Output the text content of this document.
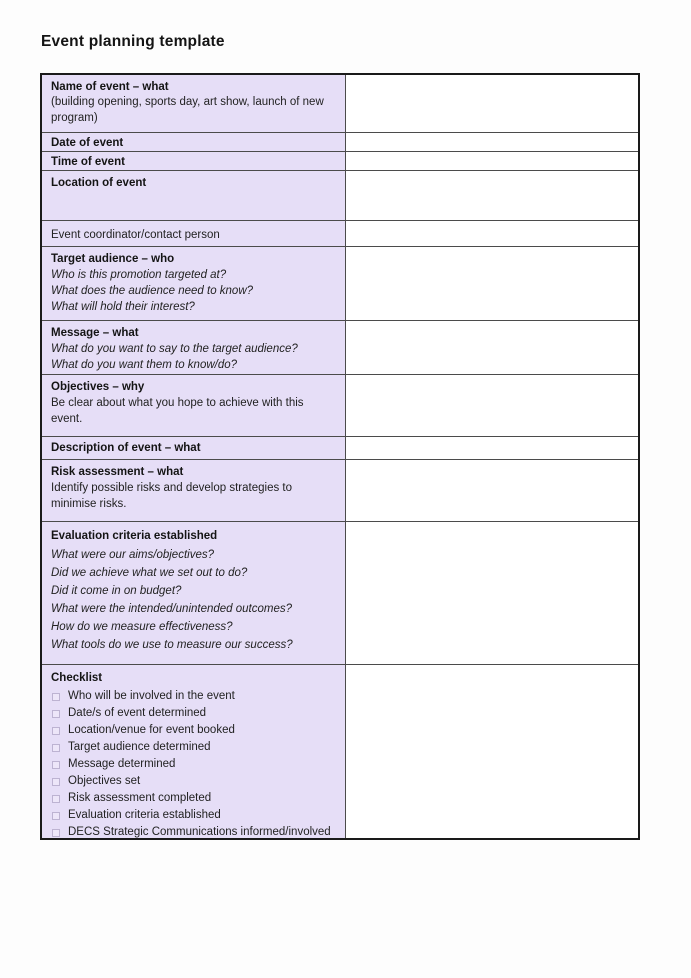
Event planning template
Name of event – what
(building opening, sports day, art show, launch of new program)
Date of event
Time of event
Location of event
Event coordinator/contact person
Target audience – who
Who is this promotion targeted at?
What does the audience need to know?
What will hold their interest?
Message – what
What do you want to say to the target audience?
What do you want them to know/do?
Objectives – why
Be clear about what you hope to achieve with this event.
Description of event – what
Risk assessment – what
Identify possible risks and develop strategies to minimise risks.
Evaluation criteria established
What were our aims/objectives?
Did we achieve what we set out to do?
Did it come in on budget?
What were the intended/unintended outcomes?
How do we measure effectiveness?
What tools do we use to measure our success?
Checklist
Who will be involved in the event
Date/s of event determined
Location/venue for event booked
Target audience determined
Message determined
Objectives set
Risk assessment completed
Evaluation criteria established
DECS Strategic Communications informed/involved
